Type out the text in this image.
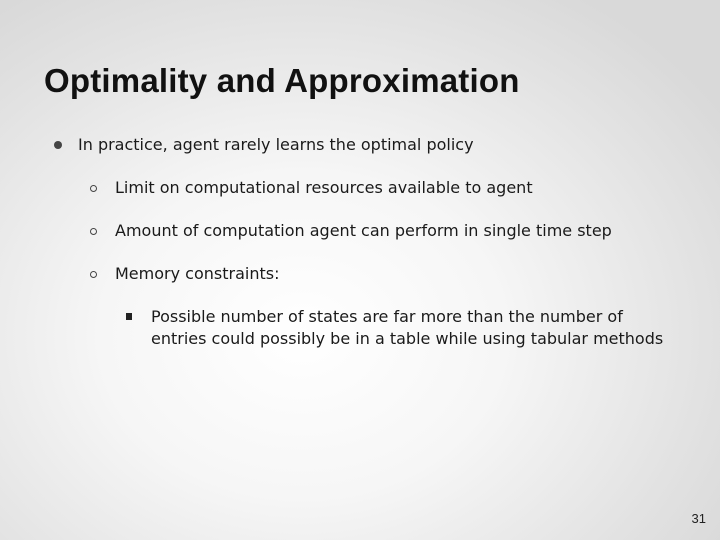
Optimality and Approximation
In practice, agent rarely learns the optimal policy
Limit on computational resources available to agent
Amount of computation agent can perform in single time step
Memory constraints:
Possible number of states are far more than the number of
entries could possibly be in a table while using tabular methods
31
